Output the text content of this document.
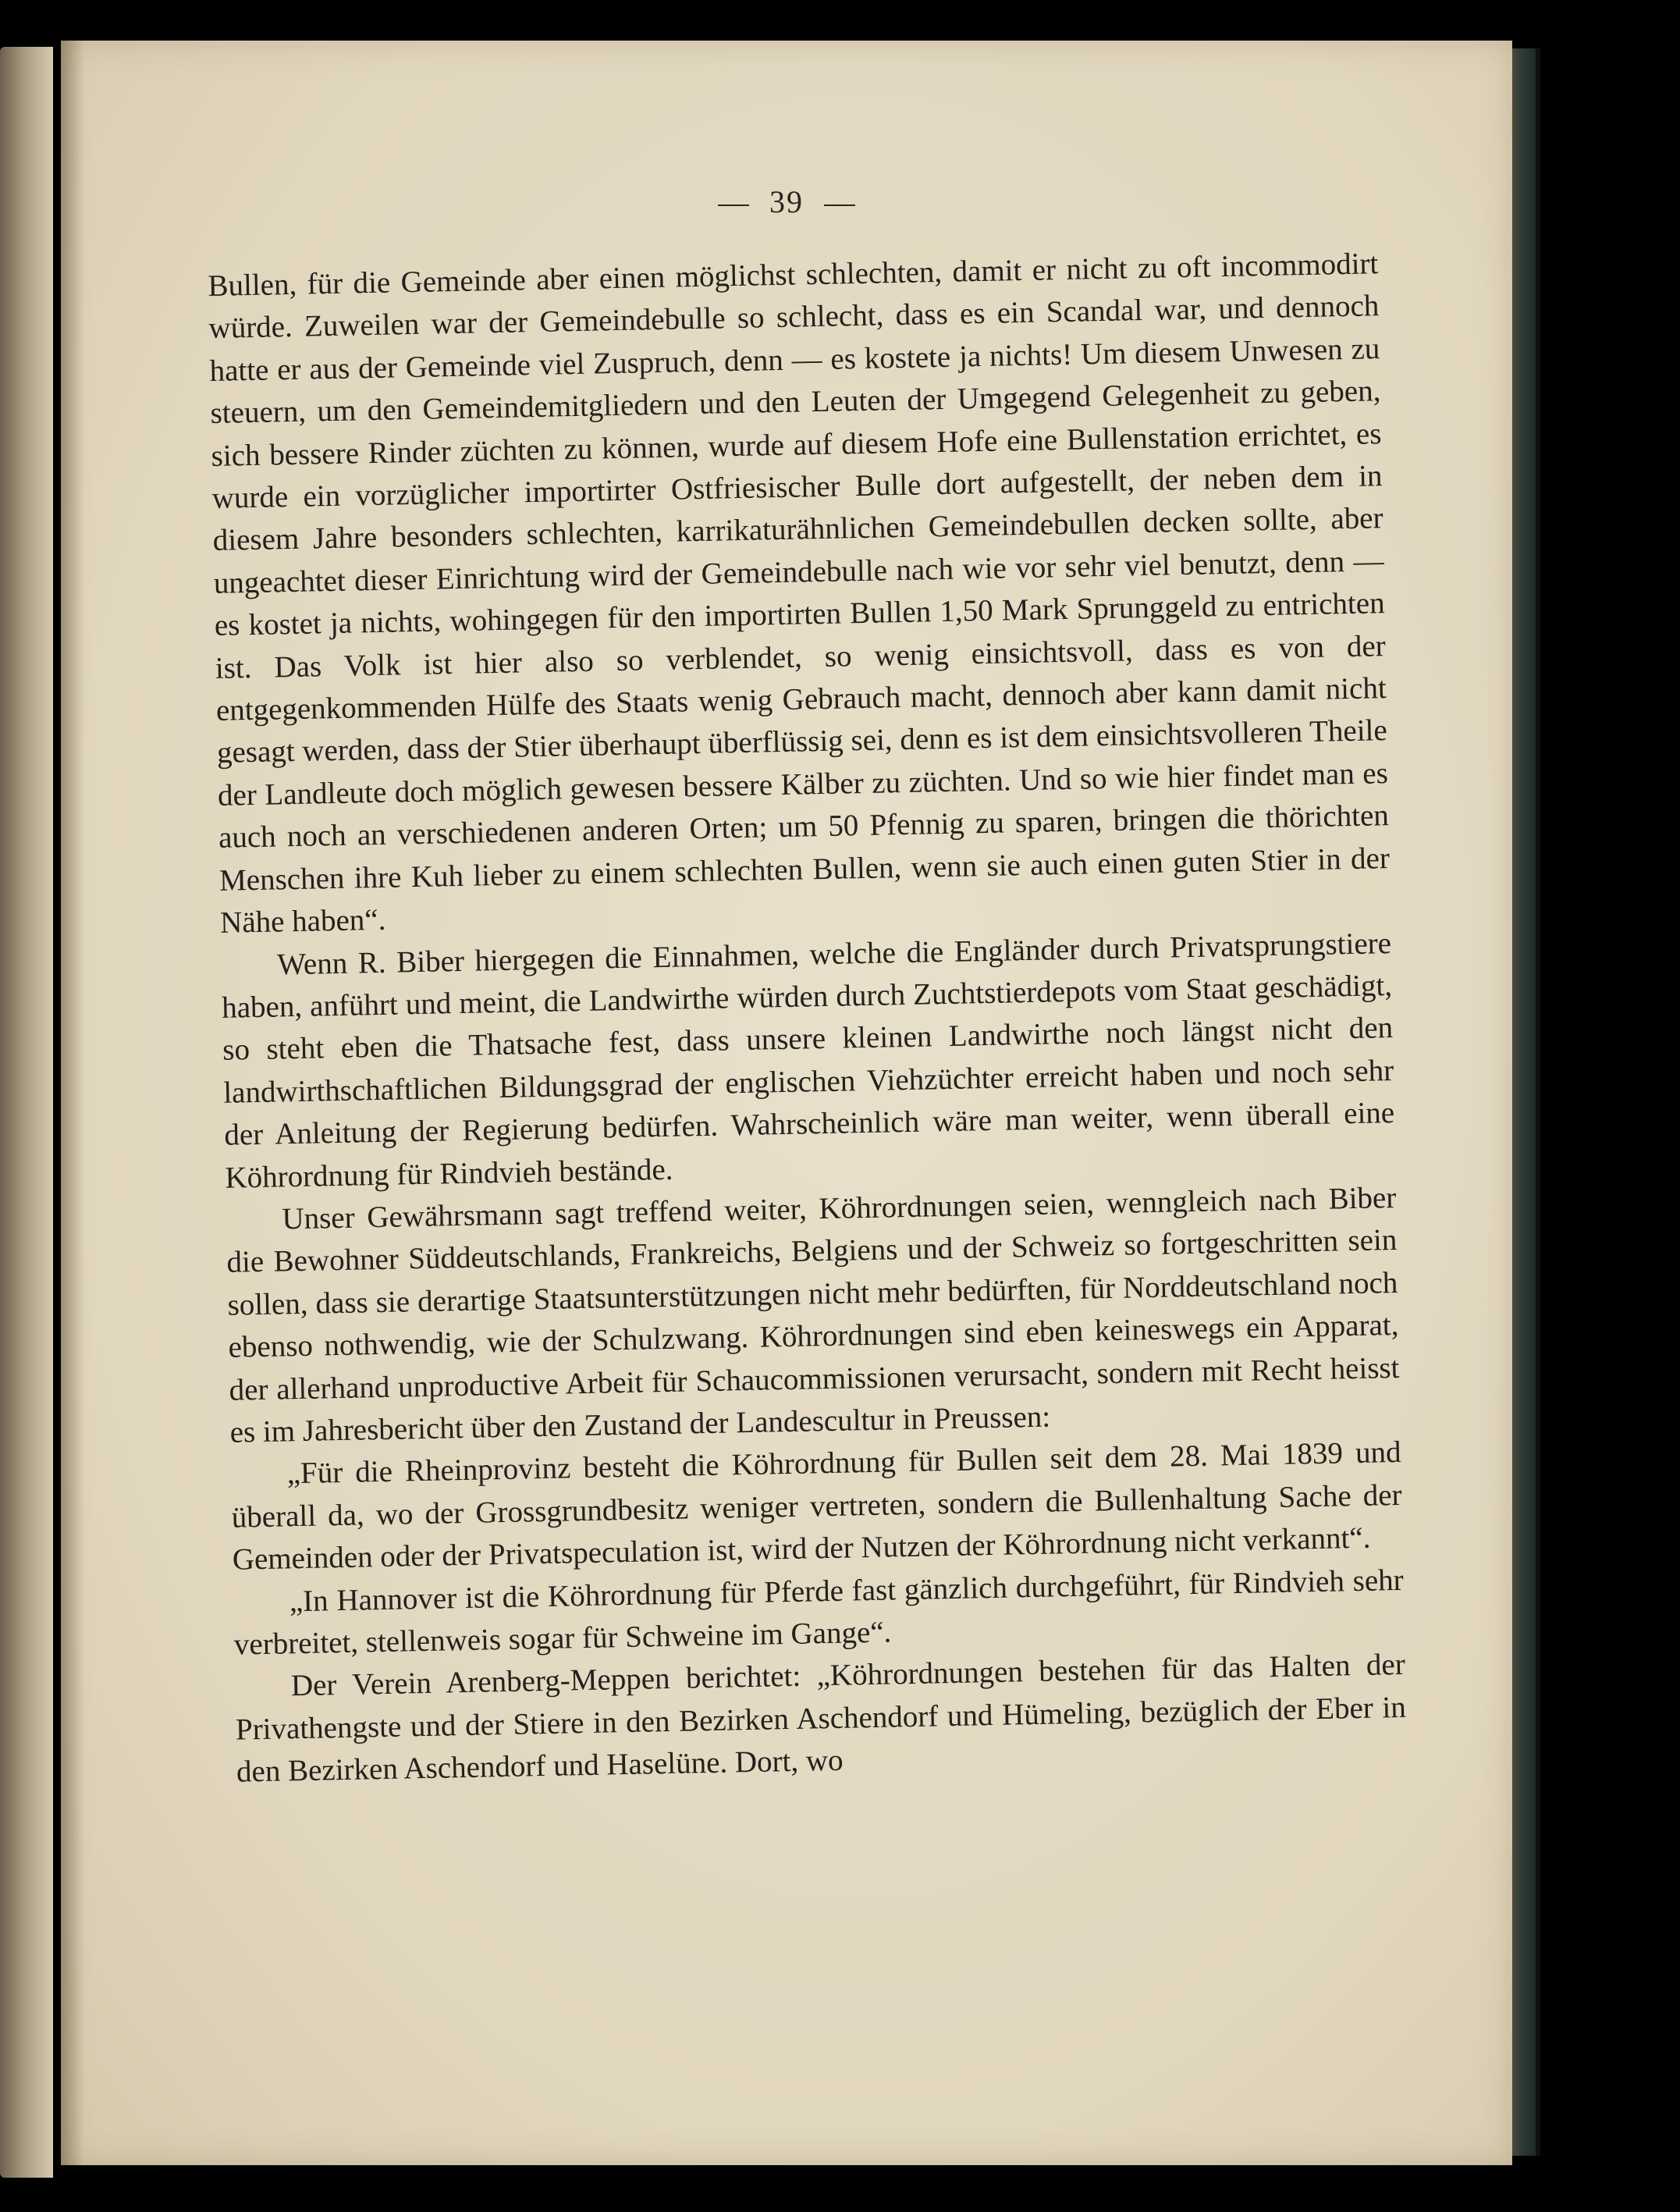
39

Bullen, für die Gemeinde aber einen möglichst schlechten, damit er nicht zu oft incommodirt würde. Zuweilen war der Gemeindebulle so schlecht, dass es ein Scandal war, und dennoch hatte er aus der Gemeinde viel Zuspruch, denn — es kostete ja nichts! Um diesem Unwesen zu steuern, um den Gemeindemitgliedern und den Leuten der Umgegend Gelegenheit zu geben, sich bessere Rinder züchten zu können, wurde auf diesem Hofe eine Bullenstation errichtet, es wurde ein vorzüglicher importirter Ostfriesischer Bulle dort aufgestellt, der neben dem in diesem Jahre besonders schlechten, karrikaturähnlichen Gemeindebullen decken sollte, aber ungeachtet dieser Einrichtung wird der Gemeindebulle nach wie vor sehr viel benutzt, denn — es kostet ja nichts, wohingegen für den importirten Bullen 1,50 Mark Sprunggeld zu entrichten ist. Das Volk ist hier also so verblendet, so wenig einsichtsvoll, dass es von der entgegenkommenden Hülfe des Staats wenig Gebrauch macht, dennoch aber kann damit nicht gesagt werden, dass der Stier überhaupt überflüssig sei, denn es ist dem einsichtsvolleren Theile der Landleute doch möglich gewesen bessere Kälber zu züchten. Und so wie hier findet man es auch noch an verschiedenen anderen Orten; um 50 Pfennig zu sparen, bringen die thörichten Menschen ihre Kuh lieber zu einem schlechten Bullen, wenn sie auch einen guten Stier in der Nähe haben“.

Wenn R. Biber hiergegen die Einnahmen, welche die Engländer durch Privatsprungstiere haben, anführt und meint, die Landwirthe würden durch Zuchtstierdepots vom Staat geschädigt, so steht eben die Thatsache fest, dass unsere kleinen Landwirthe noch längst nicht den landwirthschaftlichen Bildungsgrad der englischen Viehzüchter erreicht haben und noch sehr der Anleitung der Regierung bedürfen. Wahrscheinlich wäre man weiter, wenn überall eine Köhrordnung für Rindvieh bestände.

Unser Gewährsmann sagt treffend weiter, Köhrordnungen seien, wenngleich nach Biber die Bewohner Süddeutschlands, Frankreichs, Belgiens und der Schweiz so fortgeschritten sein sollen, dass sie derartige Staatsunterstützungen nicht mehr bedürften, für Norddeutschland noch ebenso nothwendig, wie der Schulzwang. Köhrordnungen sind eben keineswegs ein Apparat, der allerhand unproductive Arbeit für Schaucommissionen verursacht, sondern mit Recht heisst es im Jahresbericht über den Zustand der Landescultur in Preussen:

„Für die Rheinprovinz besteht die Köhrordnung für Bullen seit dem 28. Mai 1839 und überall da, wo der Grossgrundbesitz weniger vertreten, sondern die Bullenhaltung Sache der Gemeinden oder der Privatspeculation ist, wird der Nutzen der Köhrordnung nicht verkannt“.

„In Hannover ist die Köhrordnung für Pferde fast gänzlich durchgeführt, für Rindvieh sehr verbreitet, stellenweis sogar für Schweine im Gange“.

Der Verein Arenberg-Meppen berichtet: „Köhrordnungen bestehen für das Halten der Privathengste und der Stiere in den Bezirken Aschendorf und Hümeling, bezüglich der Eber in den Bezirken Aschendorf und Haselüne. Dort, wo
